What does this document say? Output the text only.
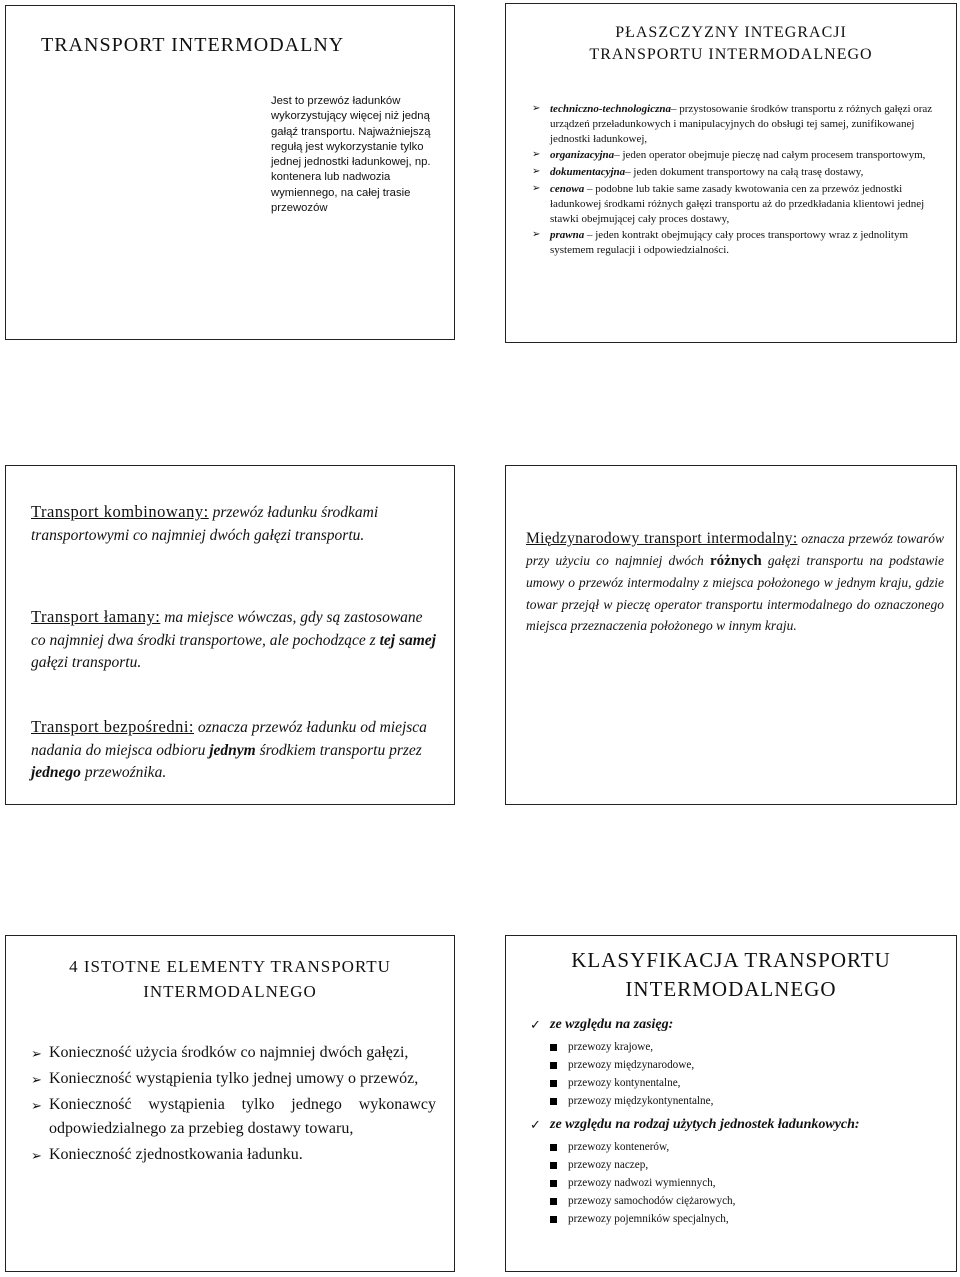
TRANSPORT INTERMODALNY
Jest to przewóz ładunków wykorzystujący więcej niż jedną gałąź transportu. Najważniejszą regułą jest wykorzystanie tylko jednej jednostki ładunkowej, np. kontenera lub nadwozia wymiennego, na całej trasie przewozów
PŁASZCZYZNY INTEGRACJI
TRANSPORTU INTERMODALNEGO
➢ techniczno-technologiczna– przystosowanie środków transportu z różnych gałęzi oraz urządzeń przeładunkowych i manipulacyjnych do obsługi tej samej, zunifikowanej jednostki ładunkowej,
➢ organizacyjna– jeden operator obejmuje pieczę nad całym procesem transportowym,
➢ dokumentacyjna– jeden dokument transportowy na całą trasę dostawy,
➢ cenowa – podobne lub takie same zasady kwotowania cen za przewóz jednostki ładunkowej środkami różnych gałęzi transportu aż do przedkładania klientowi jednej stawki obejmującej cały proces dostawy,
➢ prawna – jeden kontrakt obejmujący cały proces transportowy wraz z jednolitym systemem regulacji i odpowiedzialności.
Transport kombinowany: przewóz ładunku środkami transportowymi co najmniej dwóch gałęzi transportu.
Transport łamany: ma miejsce wówczas, gdy są zastosowane co najmniej dwa środki transportowe, ale pochodzące z tej samej gałęzi transportu.
Transport bezpośredni: oznacza przewóz ładunku od miejsca nadania do miejsca odbioru jednym środkiem transportu przez jednego przewoźnika.
Międzynarodowy transport intermodalny: oznacza przewóz towarów przy użyciu co najmniej dwóch różnych gałęzi transportu na podstawie umowy o przewóz intermodalny z miejsca położonego w jednym kraju, gdzie towar przejął w pieczę operator transportu intermodalnego do oznaczonego miejsca przeznaczenia położonego w innym kraju.
4 ISTOTNE ELEMENTY TRANSPORTU
INTERMODALNEGO
➢ Konieczność użycia środków co najmniej dwóch gałęzi,
➢ Konieczność wystąpienia tylko jednej umowy o przewóz,
➢ Konieczność wystąpienia tylko jednego wykonawcy odpowiedzialnego za przebieg dostawy towaru,
➢ Konieczność zjednostkowania ładunku.
KLASYFIKACJA TRANSPORTU
INTERMODALNEGO
✓ ze względu na zasięg:
przewozy krajowe,
przewozy międzynarodowe,
przewozy kontynentalne,
przewozy międzykontynentalne,
✓ ze względu na rodzaj użytych jednostek ładunkowych:
przewozy kontenerów,
przewozy naczep,
przewozy nadwozi wymiennych,
przewozy samochodów ciężarowych,
przewozy pojemników specjalnych,
